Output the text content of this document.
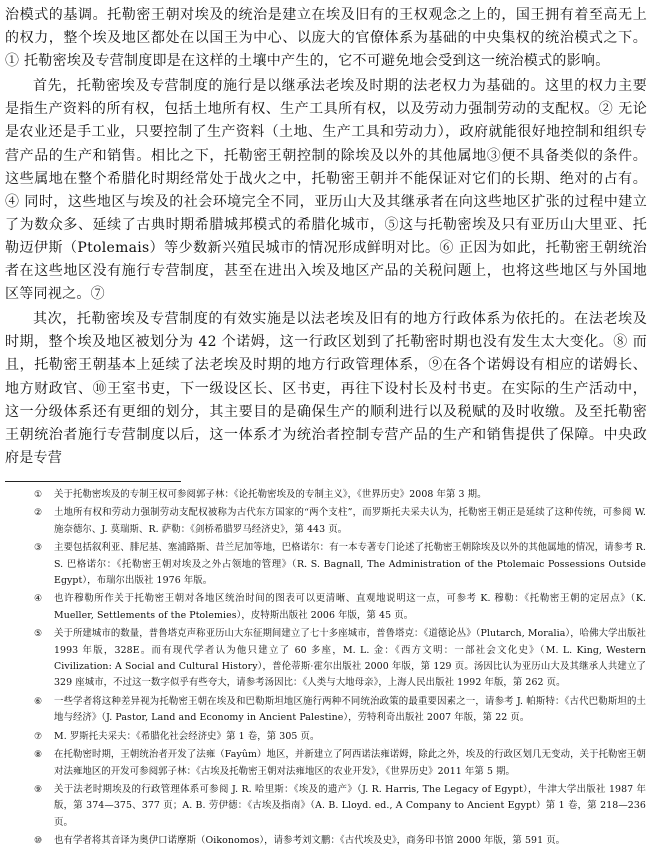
治模式的基调。托勒密王朝对埃及的统治是建立在埃及旧有的王权观念之上的，国王拥有着至高无上的权力，整个埃及地区都处在以国王为中心、以庞大的官僚体系为基础的中央集权的统治模式之下。① 托勒密埃及专营制度即是在这样的土壤中产生的，它不可避免地会受到这一统治模式的影响。

首先，托勒密埃及专营制度的施行是以继承法老埃及时期的法老权力为基础的。这里的权力主要是指生产资料的所有权，包括土地所有权、生产工具所有权，以及劳动力强制劳动的支配权。② 无论是农业还是手工业，只要控制了生产资料（土地、生产工具和劳动力），政府就能很好地控制和组织专营产品的生产和销售。相比之下，托勒密王朝控制的除埃及以外的其他属地③便不具备类似的条件。这些属地在整个希腊化时期经常处于战火之中，托勒密王朝并不能保证对它们的长期、绝对的占有。④ 同时，这些地区与埃及的社会环境完全不同，亚历山大及其继承者在向这些地区扩张的过程中建立了为数众多、延续了古典时期希腊城邦模式的希腊化城市，⑤这与托勒密埃及只有亚历山大里亚、托勒迈伊斯（Ptolemais）等少数新兴殖民城市的情况形成鲜明对比。⑥ 正因为如此，托勒密王朝统治者在这些地区没有施行专营制度，甚至在进出入埃及地区产品的关税问题上，也将这些地区与外国地区等同视之。⑦

其次，托勒密埃及专营制度的有效实施是以法老埃及旧有的地方行政体系为依托的。在法老埃及时期，整个埃及地区被划分为 42 个诺姆，这一行政区划到了托勒密时期也没有发生太大变化。⑧ 而且，托勒密王朝基本上延续了法老埃及时期的地方行政管理体系，⑨在各个诺姆设有相应的诺姆长、地方财政官、⑩王室书吏，下一级设区长、区书吏，再往下设村长及村书吏。在实际的生产活动中，这一分级体系还有更细的划分，其主要目的是确保生产的顺利进行以及税赋的及时收缴。及至托勒密王朝统治者施行专营制度以后，这一体系才为统治者控制专营产品的生产和销售提供了保障。中央政府是专营

①	关于托勒密埃及的专制王权可参阅郭子林：《论托勒密埃及的专制主义》，《世界历史》2008 年第 3 期。
②	土地所有权和劳动力强制劳动支配权被称为古代东方国家的“两个支柱”，而罗斯托夫采夫认为，托勒密王朝正是延续了这种传统，可参阅 W. 施奈德尔、J. 莫瑞斯、R. 萨勒：《剑桥希腊罗马经济史》，第 443 页。
③	主要包括叙利亚、腓尼基、塞浦路斯、昔兰尼加等地，巴格诺尔：有一本专著专门论述了托勒密王朝除埃及以外的其他属地的情况，请参考 R. S. 巴格诺尔：《托勒密王朝对埃及之外占领地的管理》（R. S. Bagnall, The Administration of the Ptolemaic Possessions Outside Egypt），布瑞尔出版社 1976 年版。
④	也许穆勒所作关于托勒密王朝对各地区统治时间的图表可以更清晰、直观地说明这一点，可参考 K. 穆勒：《托勒密王朝的定居点》（K. Mueller, Settlements of the Ptolemies），皮特斯出版社 2006 年版，第 45 页。
⑤	关于所建城市的数量，普鲁塔克声称亚历山大东征期间建立了七十多座城市，普鲁塔克：《道德论丛》（Plutarch, Moralia），哈佛大学出版社 1993 年版，328E。而有现代学者认为他只建立了 60 多座，M. L. 金：《西方文明：一部社会文化史》（M. L. King, Western Civilization: A Social and Cultural History），普伦蒂斯·霍尔出版社 2000 年版，第 129 页。汤因比认为亚历山大及其继承人共建立了 329 座城市，不过这一数字似乎有些夸大，请参考汤因比：《人类与大地母亲》，上海人民出版社 1992 年版，第 262 页。
⑥	一些学者将这种差异视为托勒密王朝在埃及和巴勒斯坦地区施行两种不同统治政策的最重要因素之一，请参考 J. 帕斯特：《古代巴勒斯坦的土地与经济》（J. Pastor, Land and Economy in Ancient Palestine），劳特利奇出版社 2007 年版，第 22 页。
⑦	M. 罗斯托夫采夫：《希腊化社会经济史》第 1 卷，第 305 页。
⑧	在托勒密时期，王朝统治者开发了法雍（Fayûm）地区，并新建立了阿西诺法雍诺姆，除此之外，埃及的行政区划几无变动，关于托勒密王朝对法雍地区的开发可参阅郭子林：《古埃及托勒密王朝对法雍地区的农业开发》，《世界历史》2011 年第 5 期。
⑨	关于法老时期埃及的行政管理体系可参阅 J. R. 哈里斯：《埃及的遗产》（J. R. Harris, The Legacy of Egypt），牛津大学出版社 1987 年版，第 374—375、377 页；A. B. 劳伊德：《古埃及指南》（A. B. Lloyd. ed., A Company to Ancient Egypt）第 1 卷，第 218—236 页。
⑩	也有学者将其音译为奥伊口诺摩斯（Oikonomos），请参考刘文鹏：《古代埃及史》，商务印书馆 2000 年版，第 591 页。
